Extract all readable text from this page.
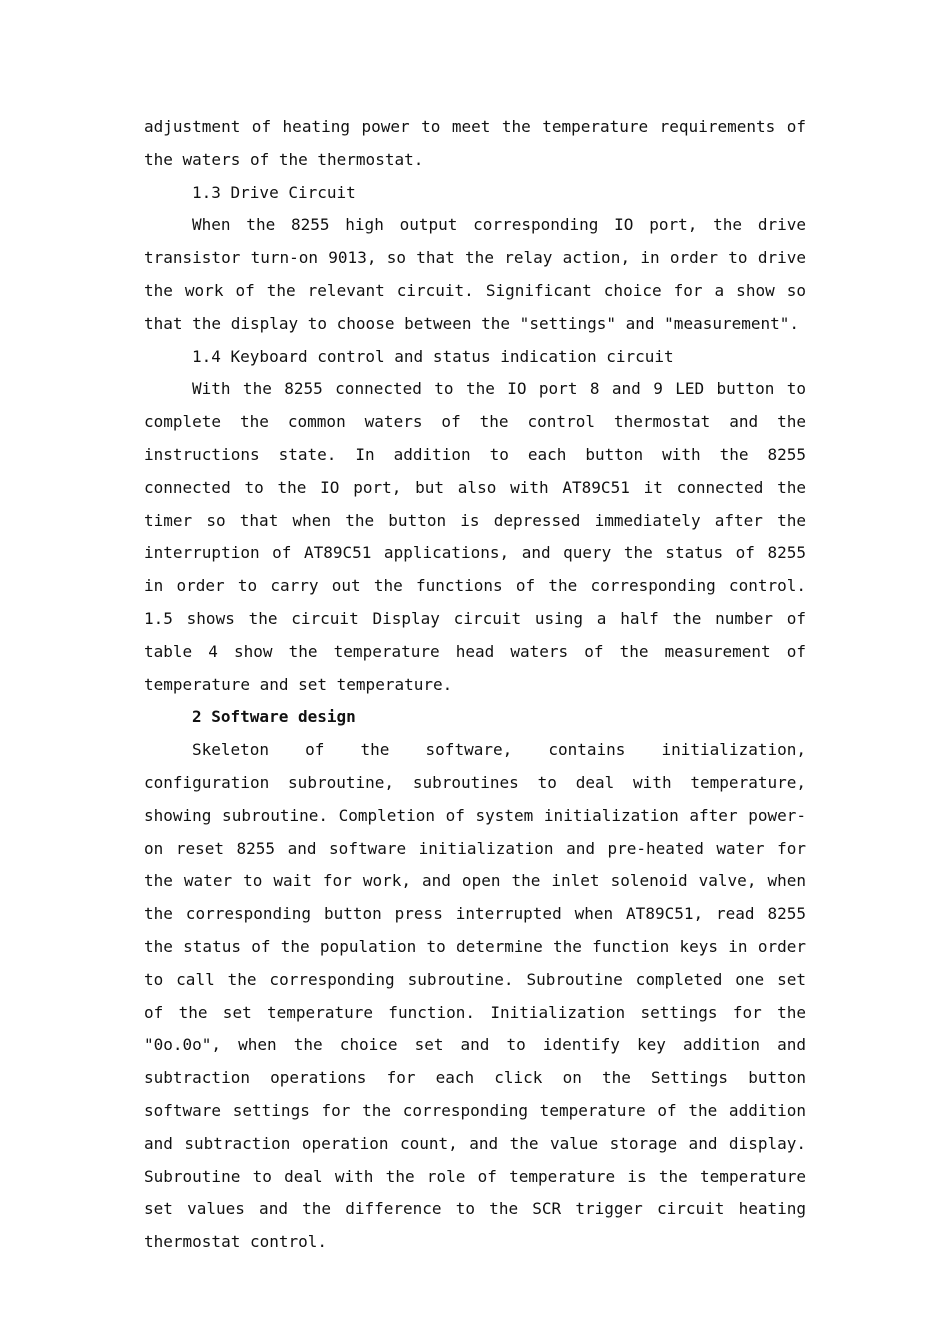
adjustment of heating power to meet the temperature requirements of the waters of the thermostat.

1.3 Drive Circuit

When the 8255 high output corresponding IO port, the drive transistor turn-on 9013, so that the relay action, in order to drive the work of the relevant circuit. Significant choice for a show so that the display to choose between the "settings" and "measurement".

1.4 Keyboard control and status indication circuit

With the 8255 connected to the IO port 8 and 9 LED button to complete the common waters of the control thermostat and the instructions state. In addition to each button with the 8255 connected to the IO port, but also with AT89C51 it connected the timer so that when the button is depressed immediately after the interruption of AT89C51 applications, and query the status of 8255 in order to carry out the functions of the corresponding control. 1.5 shows the circuit Display circuit using a half the number of table 4 show the temperature head waters of the measurement of temperature and set temperature.

2 Software design

Skeleton of the software, contains initialization, configuration subroutine, subroutines to deal with temperature, showing subroutine. Completion of system initialization after power-on reset 8255 and software initialization and pre-heated water for the water to wait for work, and open the inlet solenoid valve, when the corresponding button press interrupted when AT89C51, read 8255 the status of the population to determine the function keys in order to call the corresponding subroutine. Subroutine completed one set of the set temperature function. Initialization settings for the "0o.0o", when the choice set and to identify key addition and subtraction operations for each click on the Settings button software settings for the corresponding temperature of the addition and subtraction operation count, and the value storage and display. Subroutine to deal with the role of temperature is the temperature set values and the difference to the SCR trigger circuit heating thermostat control.
